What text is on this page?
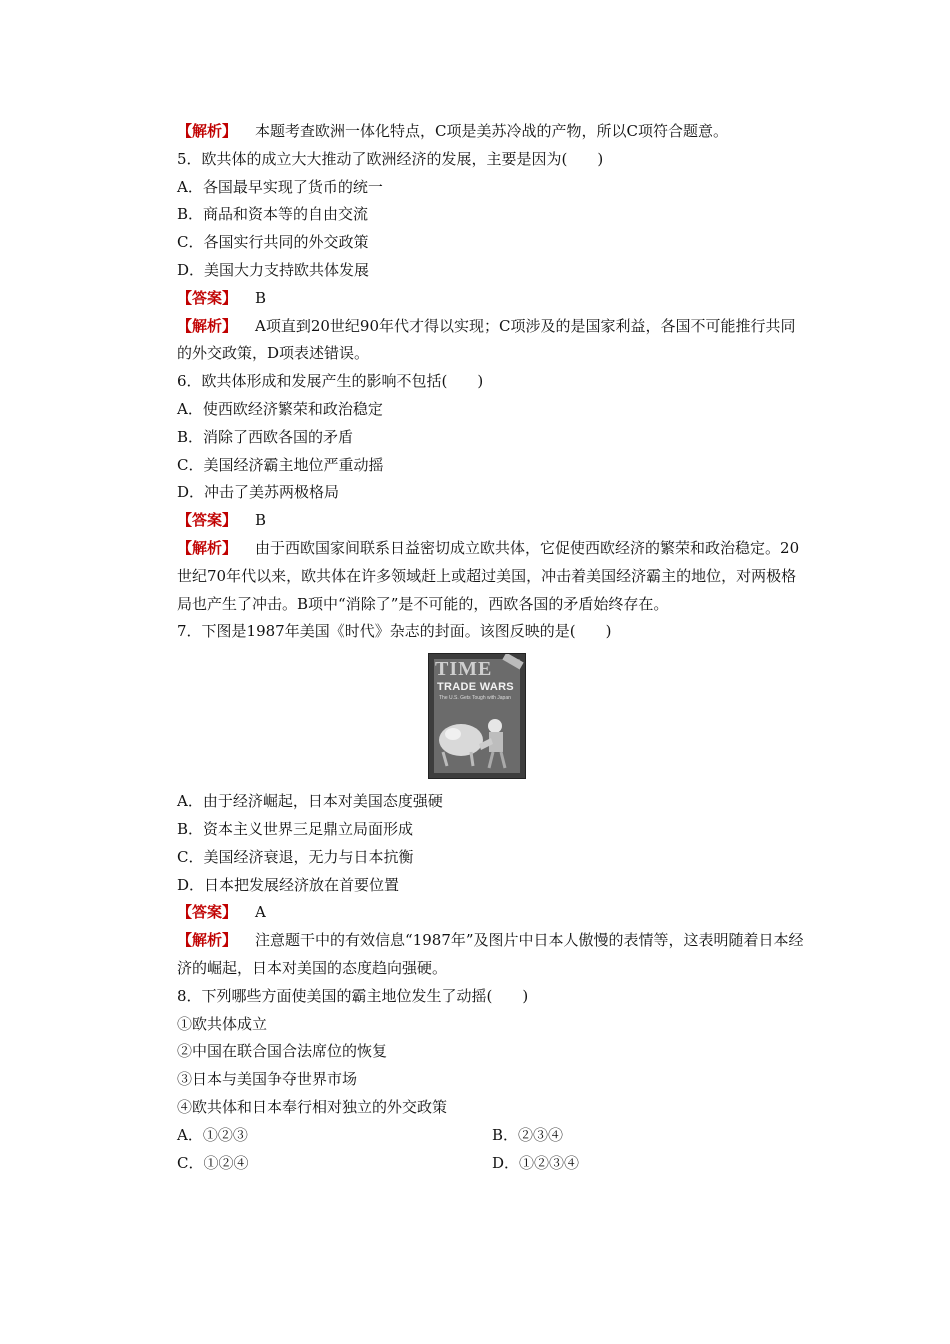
【解析】 本题考查欧洲一体化特点，C项是美苏冷战的产物，所以C项符合题意。
5．欧共体的成立大大推动了欧洲经济的发展，主要是因为(　　)
A．各国最早实现了货币的统一
B．商品和资本等的自由交流
C．各国实行共同的外交政策
D．美国大力支持欧共体发展
【答案】 B
【解析】 A项直到20世纪90年代才得以实现；C项涉及的是国家利益，各国不可能推行共同的外交政策，D项表述错误。
6．欧共体形成和发展产生的影响不包括(　　)
A．使西欧经济繁荣和政治稳定
B．消除了西欧各国的矛盾
C．美国经济霸主地位严重动摇
D．冲击了美苏两极格局
【答案】 B
【解析】 由于西欧国家间联系日益密切成立欧共体，它促使西欧经济的繁荣和政治稳定。20世纪70年代以来，欧共体在许多领域赶上或超过美国，冲击着美国经济霸主的地位，对两极格局也产生了冲击。B项中“消除了”是不可能的，西欧各国的矛盾始终存在。
7．下图是1987年美国《时代》杂志的封面。该图反映的是(　　)
TIME
TRADE WARS
The U.S. Gets Tough with Japan
A．由于经济崛起，日本对美国态度强硬
B．资本主义世界三足鼎立局面形成
C．美国经济衰退，无力与日本抗衡
D．日本把发展经济放在首要位置
【答案】 A
【解析】 注意题干中的有效信息“1987年”及图片中日本人傲慢的表情等，这表明随着日本经济的崛起，日本对美国的态度趋向强硬。
8．下列哪些方面使美国的霸主地位发生了动摇(　　)
①欧共体成立
②中国在联合国合法席位的恢复
③日本与美国争夺世界市场
④欧共体和日本奉行相对独立的外交政策
A．①②③	B．②③④
C．①②④	D．①②③④
